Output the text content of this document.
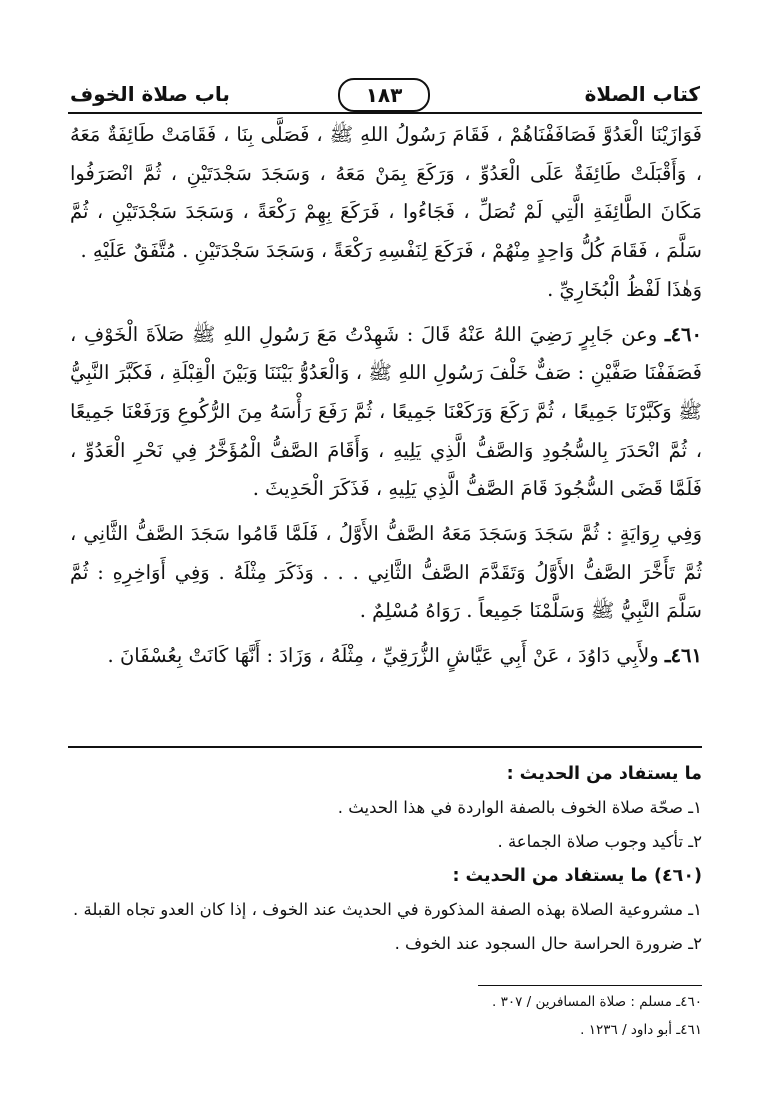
كتاب الصلاة
١٨٣
باب صلاة الخوف

فَوَازَيْنَا الْعَدُوَّ فَصَافَفْنَاهُمْ ، فَقَامَ رَسُولُ اللهِ ﷺ ، فَصَلَّى بِنَا ، فَقَامَتْ طَائِفَةٌ مَعَهُ ، وَأَقْبَلَتْ طَائِفَةٌ عَلَى الْعَدُوِّ ، وَرَكَعَ بِمَنْ مَعَهُ ، وَسَجَدَ سَجْدَتَيْنِ ، ثُمَّ انْصَرَفُوا مَكَانَ الطَّائِفَةِ الَّتِي لَمْ تُصَلِّ ، فَجَاءُوا ، فَرَكَعَ بِهِمْ رَكْعَةً ، وَسَجَدَ سَجْدَتَيْنِ ، ثُمَّ سَلَّمَ ، فَقَامَ كُلُّ وَاحِدٍ مِنْهُمْ ، فَرَكَعَ لِنَفْسِهِ رَكْعَةً ، وَسَجَدَ سَجْدَتَيْنِ . مُتَّفَقٌ عَلَيْهِ .

وَهٰذَا لَفْظُ الْبُخَارِيِّ .

٤٦٠ـ وعن جَابِرٍ رَضِيَ اللهُ عَنْهُ قَالَ : شَهِدْتُ مَعَ رَسُولِ اللهِ ﷺ صَلاَةَ الْخَوْفِ ، فَصَفَفْنَا صَفَّيْنِ : صَفٌّ خَلْفَ رَسُولِ اللهِ ﷺ ، وَالْعَدُوُّ بَيْنَنَا وَبَيْنَ الْقِبْلَةِ ، فَكَبَّرَ النَّبِيُّ ﷺ وَكَبَّرْنَا جَمِيعًا ، ثُمَّ رَكَعَ وَرَكَعْنَا جَمِيعًا ، ثُمَّ رَفَعَ رَأْسَهُ مِنَ الرُّكُوعِ وَرَفَعْنَا جَمِيعًا ، ثُمَّ انْحَدَرَ بِالسُّجُودِ وَالصَّفُّ الَّذِي يَلِيهِ ، وَأَقَامَ الصَّفُّ الْمُؤَخَّرُ فِي نَحْرِ الْعَدُوِّ ، فَلَمَّا قَضَى السُّجُودَ قَامَ الصَّفُّ الَّذِي يَلِيهِ ، فَذَكَرَ الْحَدِيثَ .

وَفِي رِوَايَةٍ : ثُمَّ سَجَدَ وَسَجَدَ مَعَهُ الصَّفُّ الأَوَّلُ ، فَلَمَّا قَامُوا سَجَدَ الصَّفُّ الثَّانِي ، ثُمَّ تَأَخَّرَ الصَّفُّ الأَوَّلُ وَتَقَدَّمَ الصَّفُّ الثَّانِي . . . وَذَكَرَ مِثْلَهُ . وَفِي أَوَاخِرِهِ : ثُمَّ سَلَّمَ النَّبِيُّ ﷺ وَسَلَّمْنَا جَمِيعاً . رَوَاهُ مُسْلِمٌ .

٤٦١ـ ولأَبِي دَاوُدَ ، عَنْ أَبِي عَيَّاشٍ الزُّرَقِيِّ ، مِثْلَهُ ، وَزَادَ : أَنَّهَا كَانَتْ بِعُسْفَانَ .

ما يستفاد من الحديث :

١ـ صحّة صلاة الخوف بالصفة الواردة في هذا الحديث .

٢ـ تأكيد وجوب صلاة الجماعة .

(٤٦٠) ما يستفاد من الحديث :

١ـ مشروعية الصلاة بهذه الصفة المذكورة في الحديث عند الخوف ، إذا كان العدو تجاه القبلة .

٢ـ ضرورة الحراسة حال السجود عند الخوف .

٤٦٠ـ مسلم : صلاة المسافرين / ٣٠٧ .

٤٦١ـ أبو داود / ١٢٣٦ .
